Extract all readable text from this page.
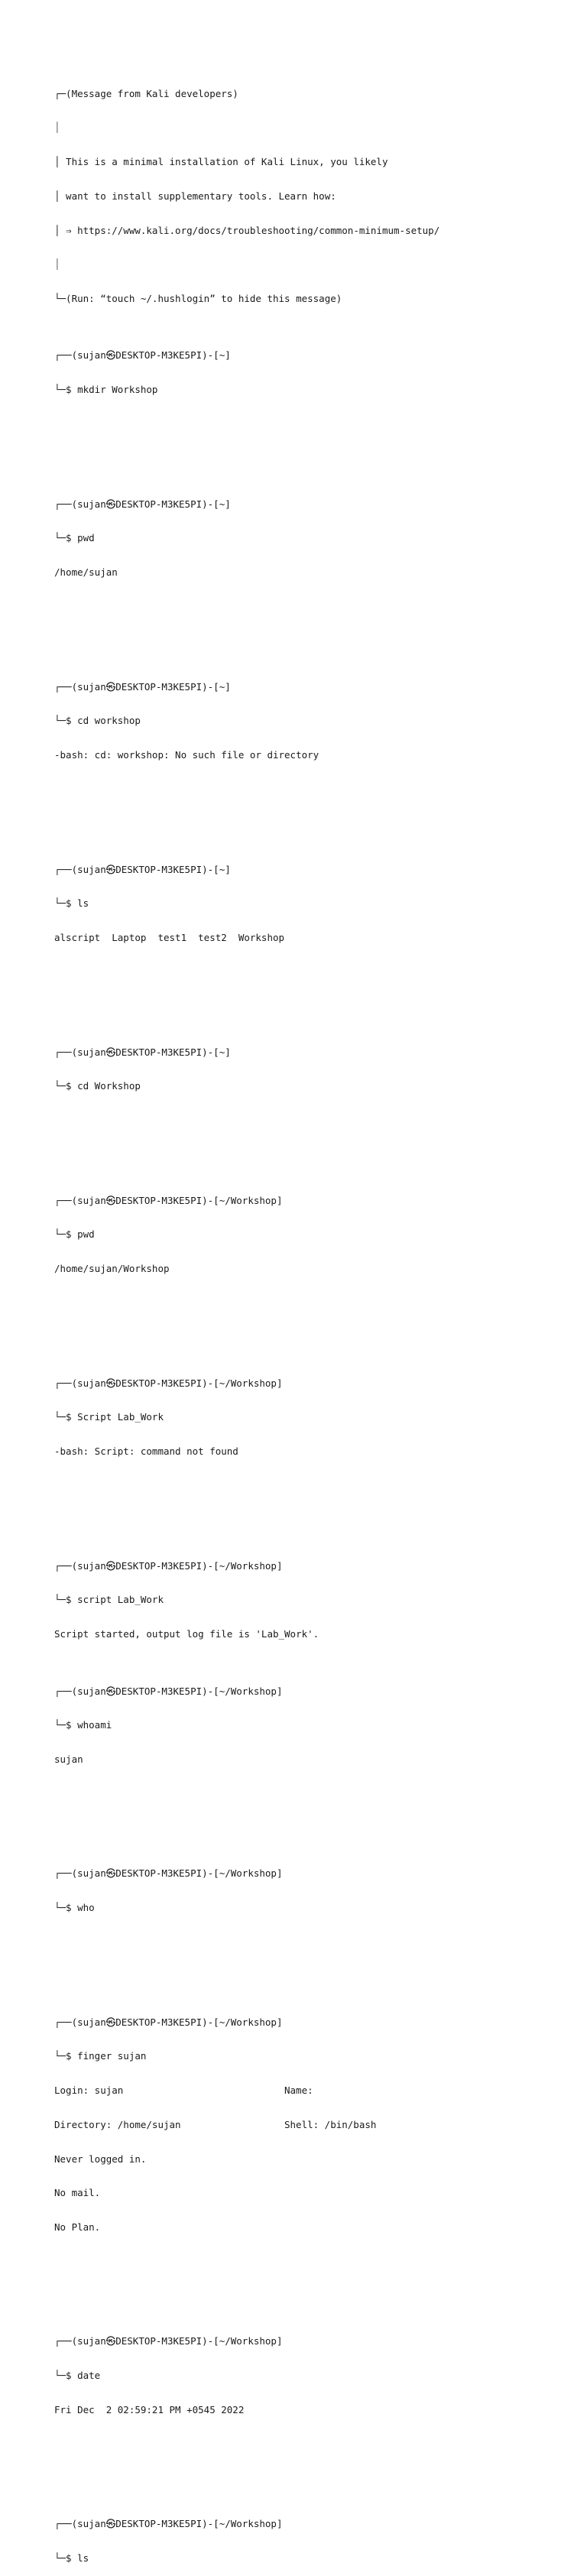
┌─(Message from Kali developers)

│

│ This is a minimal installation of Kali Linux, you likely

│ want to install supplementary tools. Learn how:

│ ⇒ https://www.kali.org/docs/troubleshooting/common-minimum-setup/

│

└─(Run: “touch ~/.hushlogin” to hide this message)

┌──(sujan㉿DESKTOP-M3KE5PI)-[~]

└─$ mkdir Workshop

┌──(sujan㉿DESKTOP-M3KE5PI)-[~]

└─$ pwd

/home/sujan

┌──(sujan㉿DESKTOP-M3KE5PI)-[~]

└─$ cd workshop

-bash: cd: workshop: No such file or directory

┌──(sujan㉿DESKTOP-M3KE5PI)-[~]

└─$ ls

alscript  Laptop  test1  test2  Workshop

┌──(sujan㉿DESKTOP-M3KE5PI)-[~]

└─$ cd Workshop

┌──(sujan㉿DESKTOP-M3KE5PI)-[~/Workshop]

└─$ pwd

/home/sujan/Workshop

┌──(sujan㉿DESKTOP-M3KE5PI)-[~/Workshop]

└─$ Script Lab_Work

-bash: Script: command not found

┌──(sujan㉿DESKTOP-M3KE5PI)-[~/Workshop]

└─$ script Lab_Work

Script started, output log file is 'Lab_Work'.

┌──(sujan㉿DESKTOP-M3KE5PI)-[~/Workshop]

└─$ whoami

sujan

┌──(sujan㉿DESKTOP-M3KE5PI)-[~/Workshop]

└─$ who

┌──(sujan㉿DESKTOP-M3KE5PI)-[~/Workshop]

└─$ finger sujan

Login: sujan	Name:

Directory: /home/sujan	Shell: /bin/bash

Never logged in.

No mail.

No Plan.

┌──(sujan㉿DESKTOP-M3KE5PI)-[~/Workshop]

└─$ date

Fri Dec  2 02:59:21 PM +0545 2022

┌──(sujan㉿DESKTOP-M3KE5PI)-[~/Workshop]

└─$ ls
